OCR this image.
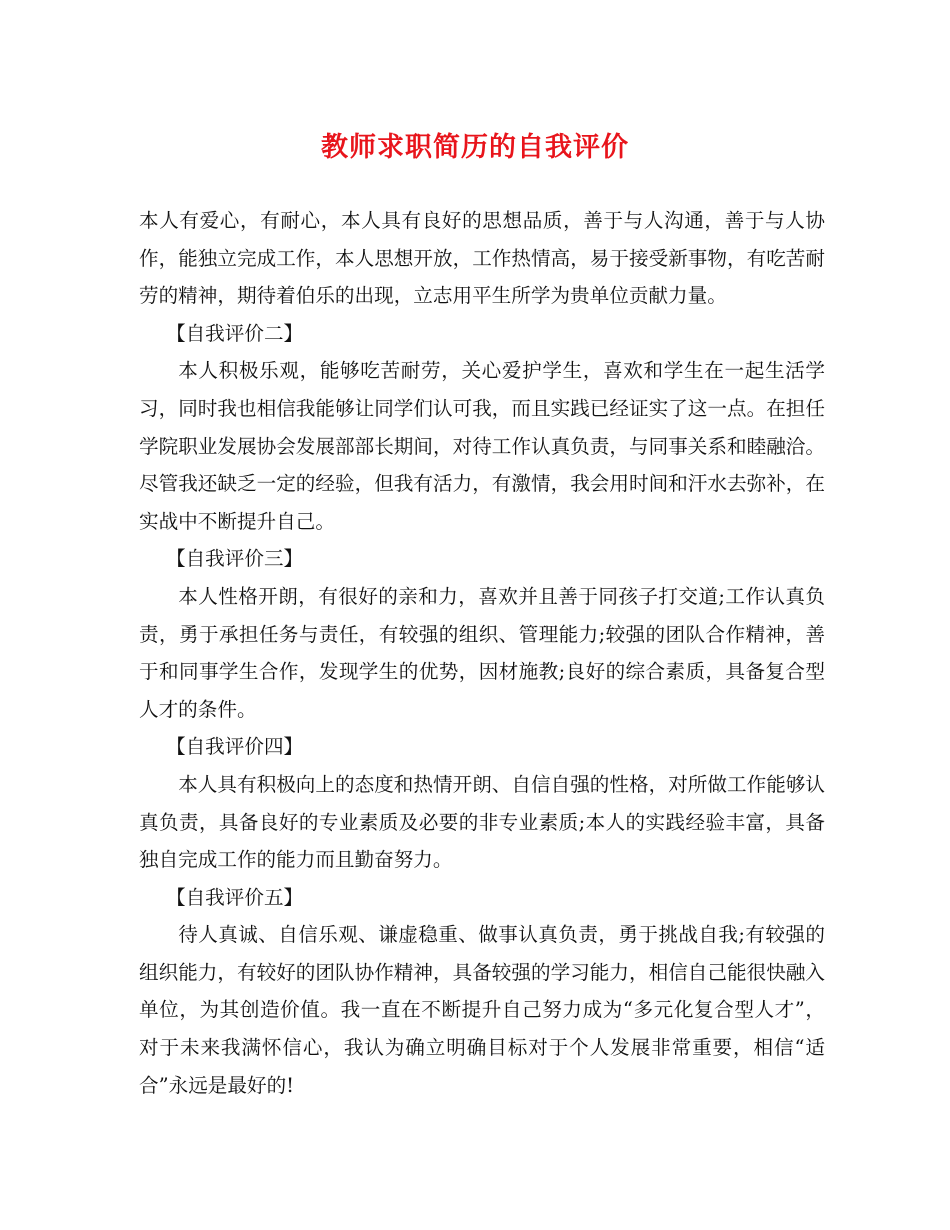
教师求职简历的自我评价

本人有爱心，有耐心，本人具有良好的思想品质，善于与人沟通，善于与人协作，能独立完成工作，本人思想开放，工作热情高，易于接受新事物，有吃苦耐劳的精神，期待着伯乐的出现，立志用平生所学为贵单位贡献力量。

【自我评价二】

本人积极乐观，能够吃苦耐劳，关心爱护学生，喜欢和学生在一起生活学习，同时我也相信我能够让同学们认可我，而且实践已经证实了这一点。在担任学院职业发展协会发展部部长期间，对待工作认真负责，与同事关系和睦融洽。尽管我还缺乏一定的经验，但我有活力，有激情，我会用时间和汗水去弥补，在实战中不断提升自己。

【自我评价三】

本人性格开朗，有很好的亲和力，喜欢并且善于同孩子打交道;工作认真负责，勇于承担任务与责任，有较强的组织、管理能力;较强的团队合作精神，善于和同事学生合作，发现学生的优势，因材施教;良好的综合素质，具备复合型人才的条件。

【自我评价四】

本人具有积极向上的态度和热情开朗、自信自强的性格，对所做工作能够认真负责，具备良好的专业素质及必要的非专业素质;本人的实践经验丰富，具备独自完成工作的能力而且勤奋努力。

【自我评价五】

待人真诚、自信乐观、谦虚稳重、做事认真负责，勇于挑战自我;有较强的组织能力，有较好的团队协作精神，具备较强的学习能力，相信自己能很快融入单位，为其创造价值。我一直在不断提升自己努力成为“多元化复合型人才”，对于未来我满怀信心，我认为确立明确目标对于个人发展非常重要，相信“适合”永远是最好的!
